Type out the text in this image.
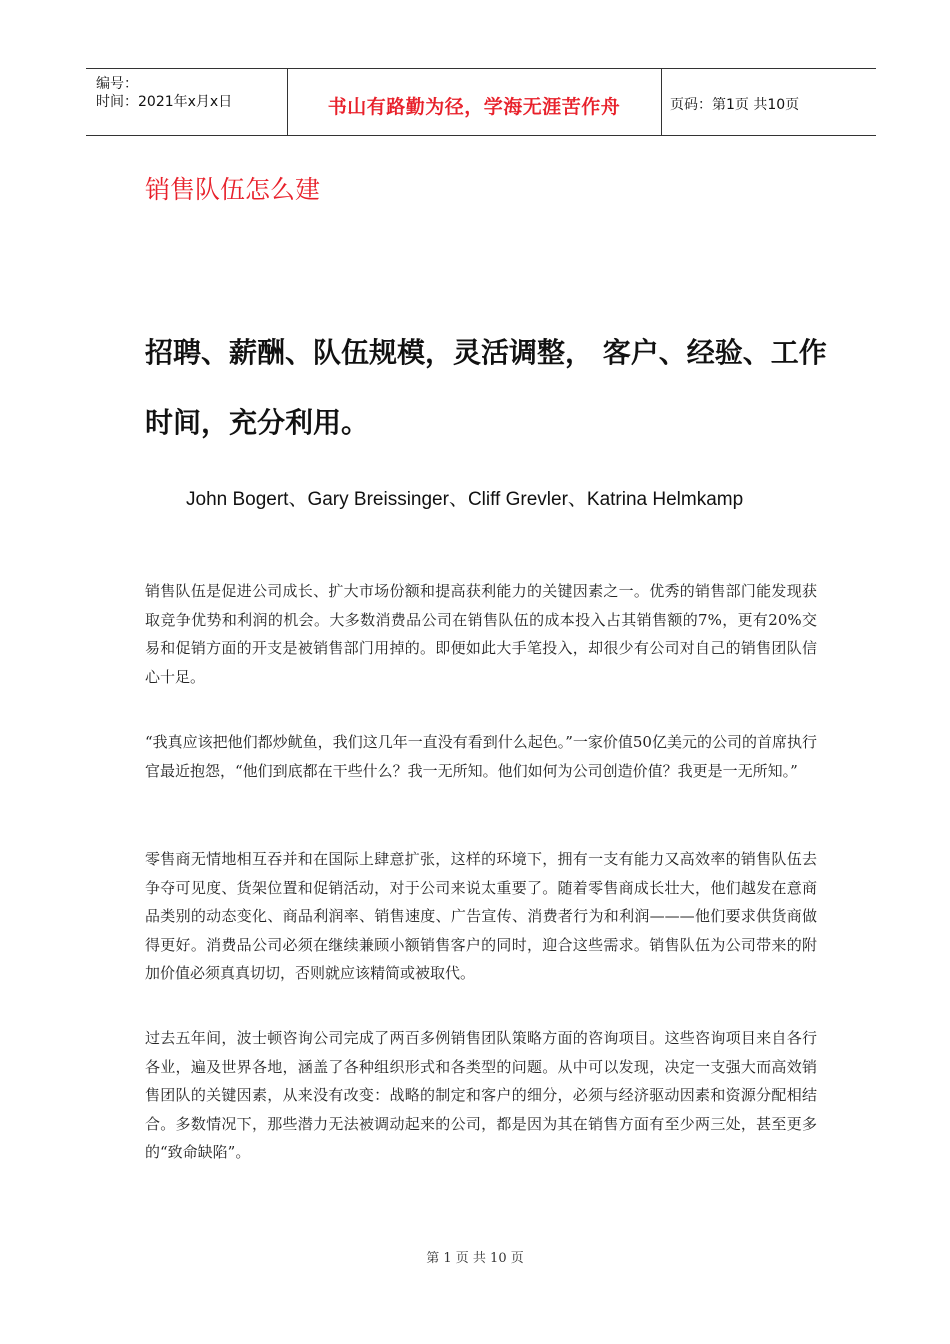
编号：
时间：2021年x月x日	书山有路勤为径，学海无涯苦作舟	页码：第1页 共10页
销售队伍怎么建
招聘、薪酬、队伍规模，灵活调整， 客户、经验、工作时间，充分利用。
John Bogert、Gary Breissinger、Cliff Grevler、Katrina Helmkamp

销售队伍是促进公司成长、扩大市场份额和提高获利能力的关键因素之一。优秀的销售部门能发现获取竞争优势和利润的机会。大多数消费品公司在销售队伍的成本投入占其销售额的7%，更有20%交易和促销方面的开支是被销售部门用掉的。即便如此大手笔投入，却很少有公司对自己的销售团队信心十足。

“我真应该把他们都炒鱿鱼，我们这几年一直没有看到什么起色。”一家价值50亿美元的公司的首席执行官最近抱怨，“他们到底都在干些什么？我一无所知。他们如何为公司创造价值？我更是一无所知。”

零售商无情地相互吞并和在国际上肆意扩张，这样的环境下，拥有一支有能力又高效率的销售队伍去争夺可见度、货架位置和促销活动，对于公司来说太重要了。随着零售商成长壮大，他们越发在意商品类别的动态变化、商品利润率、销售速度、广告宣传、消费者行为和利润———他们要求供货商做得更好。消费品公司必须在继续兼顾小额销售客户的同时，迎合这些需求。销售队伍为公司带来的附加价值必须真真切切，否则就应该精简或被取代。

过去五年间，波士顿咨询公司完成了两百多例销售团队策略方面的咨询项目。这些咨询项目来自各行各业，遍及世界各地，涵盖了各种组织形式和各类型的问题。从中可以发现，决定一支强大而高效销售团队的关键因素，从来没有改变：战略的制定和客户的细分，必须与经济驱动因素和资源分配相结合。多数情况下，那些潜力无法被调动起来的公司，都是因为其在销售方面有至少两三处，甚至更多的“致命缺陷”。

第 1 页 共 10 页
